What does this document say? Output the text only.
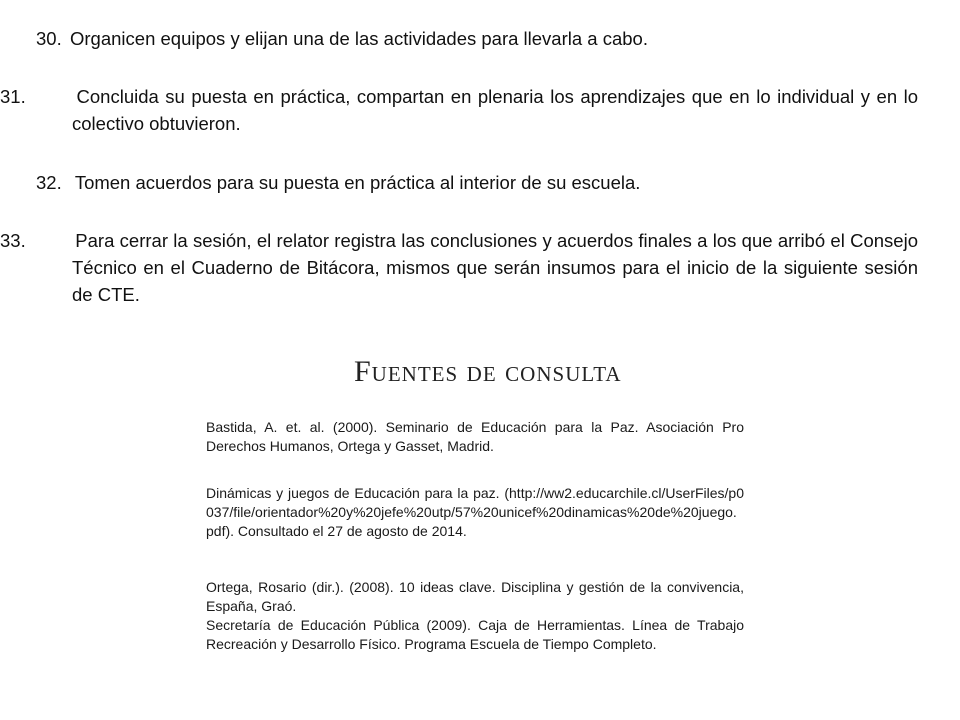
30. Organicen equipos y elijan una de las actividades para llevarla a cabo.
31.	Concluida su puesta en práctica, compartan en plenaria los aprendizajes que en lo individual y en lo colectivo obtuvieron.
32. Tomen acuerdos para su puesta en práctica al interior de su escuela.
33.	Para cerrar la sesión, el relator registra las conclusiones y acuerdos finales a los que arribó el Consejo Técnico en el Cuaderno de Bitácora, mismos que serán insumos para el inicio de la siguiente sesión de CTE.
Fuentes de consulta

Bastida, A. et. al. (2000). Seminario de Educación para la Paz. Asociación Pro Derechos Humanos, Ortega y Gasset, Madrid.

Dinámicas y juegos de Educación para la paz. (http://ww2.educarchile.cl/UserFiles/p0037/file/orientador%20y%20jefe%20utp/57%20unicef%20dinamicas%20de%20juego.pdf). Consultado el 27 de agosto de 2014.

Ortega, Rosario (dir.). (2008). 10 ideas clave. Disciplina y gestión de la convivencia, España, Graó.

Secretaría de Educación Pública (2009). Caja de Herramientas. Línea de Trabajo Recreación y Desarrollo Físico. Programa Escuela de Tiempo Completo.
